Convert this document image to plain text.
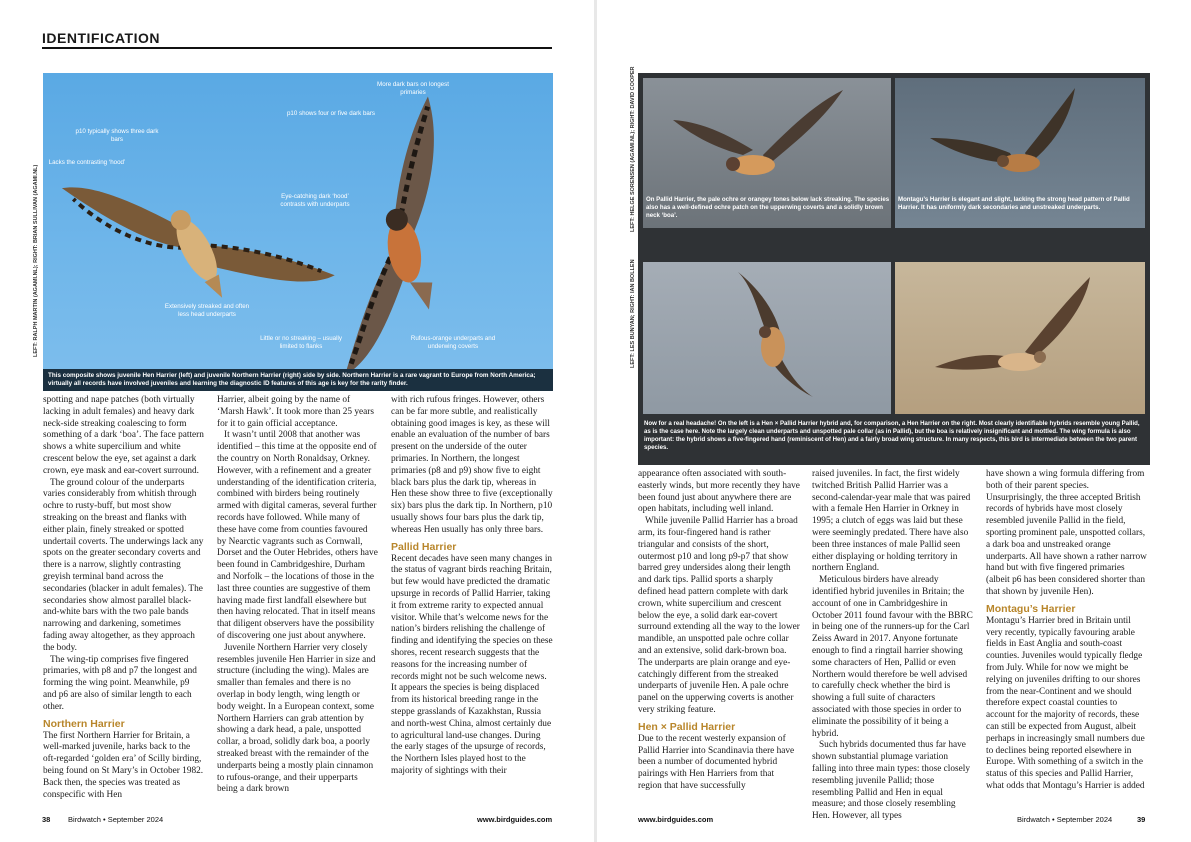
IDENTIFICATION
LEFT: RALPH MARTIN (AGAMI.NL); RIGHT: BRIAN SULLIVAN (AGAMI.NL)
p10 typically shows three dark bars
Lacks the contrasting ‘hood’
Extensively streaked and often less head underparts
More dark bars on longest primaries
p10 shows four or five dark bars
Eye-catching dark ‘hood’ contrasts with underparts
Little or no streaking – usually limited to flanks
Rufous-orange underparts and underwing coverts
This composite shows juvenile Hen Harrier (left) and juvenile Northern Harrier (right) side by side. Northern Harrier is a rare vagrant to Europe from North America; virtually all records have involved juveniles and learning the diagnostic ID features of this age is key for the rarity finder.

spotting and nape patches (both virtually lacking in adult females) and heavy dark neck-side streaking coalescing to form something of a dark ‘boa’. The face pattern shows a white supercilium and white crescent below the eye, set against a dark crown, eye mask and ear-covert surround.

The ground colour of the underparts varies considerably from whitish through ochre to rusty-buff, but most show streaking on the breast and flanks with either plain, finely streaked or spotted undertail coverts. The underwings lack any spots on the greater secondary coverts and there is a narrow, slightly contrasting greyish terminal band across the secondaries (blacker in adult females). The secondaries show almost parallel black-and-white bars with the two pale bands narrowing and darkening, sometimes fading away altogether, as they approach the body.

The wing-tip comprises five fingered primaries, with p8 and p7 the longest and forming the wing point. Meanwhile, p9 and p6 are also of similar length to each other.

Northern Harrier

The first Northern Harrier for Britain, a well-marked juvenile, harks back to the oft-regarded ‘golden era’ of Scilly birding, being found on St Mary’s in October 1982. Back then, the species was treated as conspecific with Hen

Harrier, albeit going by the name of ‘Marsh Hawk’. It took more than 25 years for it to gain official acceptance.

It wasn’t until 2008 that another was identified – this time at the opposite end of the country on North Ronaldsay, Orkney. However, with a refinement and a greater understanding of the identification criteria, combined with birders being routinely armed with digital cameras, several further records have followed. While many of these have come from counties favoured by Nearctic vagrants such as Cornwall, Dorset and the Outer Hebrides, others have been found in Cambridgeshire, Durham and Norfolk – the locations of those in the last three counties are suggestive of them having made first landfall elsewhere but then having relocated. That in itself means that diligent observers have the possibility of discovering one just about anywhere.

Juvenile Northern Harrier very closely resembles juvenile Hen Harrier in size and structure (including the wing). Males are smaller than females and there is no overlap in body length, wing length or body weight. In a European context, some Northern Harriers can grab attention by showing a dark head, a pale, unspotted collar, a broad, solidly dark boa, a poorly streaked breast with the remainder of the underparts being a mostly plain cinnamon to rufous-orange, and their upperparts being a dark brown

with rich rufous fringes. However, others can be far more subtle, and realistically obtaining good images is key, as these will enable an evaluation of the number of bars present on the underside of the outer primaries. In Northern, the longest primaries (p8 and p9) show five to eight black bars plus the dark tip, whereas in Hen these show three to five (exceptionally six) bars plus the dark tip. In Northern, p10 usually shows four bars plus the dark tip, whereas Hen usually has only three bars.

Pallid Harrier

Recent decades have seen many changes in the status of vagrant birds reaching Britain, but few would have predicted the dramatic upsurge in records of Pallid Harrier, taking it from extreme rarity to expected annual visitor. While that’s welcome news for the nation’s birders relishing the challenge of finding and identifying the species on these shores, recent research suggests that the reasons for the increasing number of records might not be such welcome news. It appears the species is being displaced from its historical breeding range in the steppe grasslands of Kazakhstan, Russia and north-west China, almost certainly due to agricultural land-use changes. During the early stages of the upsurge of records, the Northern Isles played host to the majority of sightings with their

38 Birdwatch • September 2024	www.birdguides.com
LEFT: HELGE SORENSEN (AGAMI.NL); RIGHT: DAVID COOPER
LEFT: LES BUNYAN; RIGHT: IAN BOLLEN
On Pallid Harrier, the pale ochre or orangey tones below lack streaking. The species also has a well-defined ochre patch on the upperwing coverts and a solidly brown neck ‘boa’.
Montagu’s Harrier is elegant and slight, lacking the strong head pattern of Pallid Harrier. It has uniformly dark secondaries and unstreaked underparts.
Now for a real headache! On the left is a Hen × Pallid Harrier hybrid and, for comparison, a Hen Harrier on the right. Most clearly identifiable hybrids resemble young Pallid, as is the case here. Note the largely clean underparts and unspotted pale collar (as in Pallid), but the boa is relatively insignificant and mottled. The wing formula is also important: the hybrid shows a five-fingered hand (reminiscent of Hen) and a fairly broad wing structure. In many respects, this bird is intermediate between the two parent species.

appearance often associated with south-easterly winds, but more recently they have been found just about anywhere there are open habitats, including well inland.

While juvenile Pallid Harrier has a broad arm, its four-fingered hand is rather triangular and consists of the short, outermost p10 and long p9-p7 that show barred grey undersides along their length and dark tips. Pallid sports a sharply defined head pattern complete with dark crown, white supercilium and crescent below the eye, a solid dark ear-covert surround extending all the way to the lower mandible, an unspotted pale ochre collar and an extensive, solid dark-brown boa. The underparts are plain orange and eye-catchingly different from the streaked underparts of juvenile Hen. A pale ochre panel on the upperwing coverts is another very striking feature.

Hen × Pallid Harrier

Due to the recent westerly expansion of Pallid Harrier into Scandinavia there have been a number of documented hybrid pairings with Hen Harriers from that region that have successfully

raised juveniles. In fact, the first widely twitched British Pallid Harrier was a second-calendar-year male that was paired with a female Hen Harrier in Orkney in 1995; a clutch of eggs was laid but these were seemingly predated. There have also been three instances of male Pallid seen either displaying or holding territory in northern England.

Meticulous birders have already identified hybrid juveniles in Britain; the account of one in Cambridgeshire in October 2011 found favour with the BBRC in being one of the runners-up for the Carl Zeiss Award in 2017. Anyone fortunate enough to find a ringtail harrier showing some characters of Hen, Pallid or even Northern would therefore be well advised to carefully check whether the bird is showing a full suite of characters associated with those species in order to eliminate the possibility of it being a hybrid.

Such hybrids documented thus far have shown substantial plumage variation falling into three main types: those closely resembling juvenile Pallid; those resembling Pallid and Hen in equal measure; and those closely resembling Hen. However, all types

have shown a wing formula differing from both of their parent species. Unsurprisingly, the three accepted British records of hybrids have most closely resembled juvenile Pallid in the field, sporting prominent pale, unspotted collars, a dark boa and unstreaked orange underparts. All have shown a rather narrow hand but with five fingered primaries (albeit p6 has been considered shorter than that shown by juvenile Hen).

Montagu’s Harrier

Montagu’s Harrier bred in Britain until very recently, typically favouring arable fields in East Anglia and south-coast counties. Juveniles would typically fledge from July. While for now we might be relying on juveniles drifting to our shores from the near-Continent and we should therefore expect coastal counties to account for the majority of records, these can still be expected from August, albeit perhaps in increasingly small numbers due to declines being reported elsewhere in Europe. With something of a switch in the status of this species and Pallid Harrier, what odds that Montagu’s Harrier is added

www.birdguides.com	Birdwatch • September 2024	39
